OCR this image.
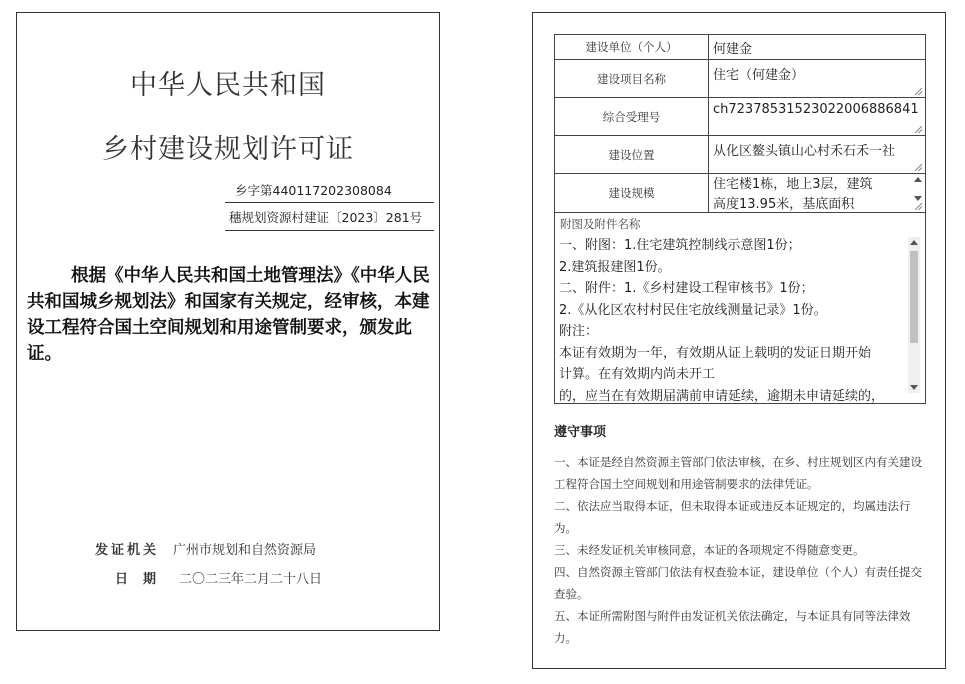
中华人民共和国
乡村建设规划许可证
乡字第440117202308084
穗规划资源村建证〔2023〕281号
根据《中华人民共和国土地管理法》《中华人民共和国城乡规划法》和国家有关规定，经审核，本建设工程符合国土空间规划和用途管制要求，颁发此证。
发证机关 广州市规划和自然资源局
日期 二〇二三年二月二十八日
建设单位（个人）	何建金

建设项目名称	住宅（何建金）

综合受理号	ch72378531523022006886841

建设位置	从化区鳌头镇山心村禾石禾一社

建设规模	住宅楼1栋，地上3层，建筑
高度13.95米，基底面积
附图及附件名称
一、附图：1.住宅建筑控制线示意图1份；
2.建筑报建图1份。
二、附件：1.《乡村建设工程审核书》1份；
2.《从化区农村村民住宅放线测量记录》1份。
附注：
本证有效期为一年，有效期从证上载明的发证日期开始
计算。在有效期内尚未开工
的，应当在有效期届满前申请延续，逾期未申请延续的，
遵守事项

一、本证是经自然资源主管部门依法审核，在乡、村庄规划区内有关建设工程符合国土空间规划和用途管制要求的法律凭证。

二、依法应当取得本证，但未取得本证或违反本证规定的，均属违法行为。

三、未经发证机关审核同意，本证的各项规定不得随意变更。

四、自然资源主管部门依法有权查验本证，建设单位（个人）有责任提交查验。

五、本证所需附图与附件由发证机关依法确定，与本证具有同等法律效力。
